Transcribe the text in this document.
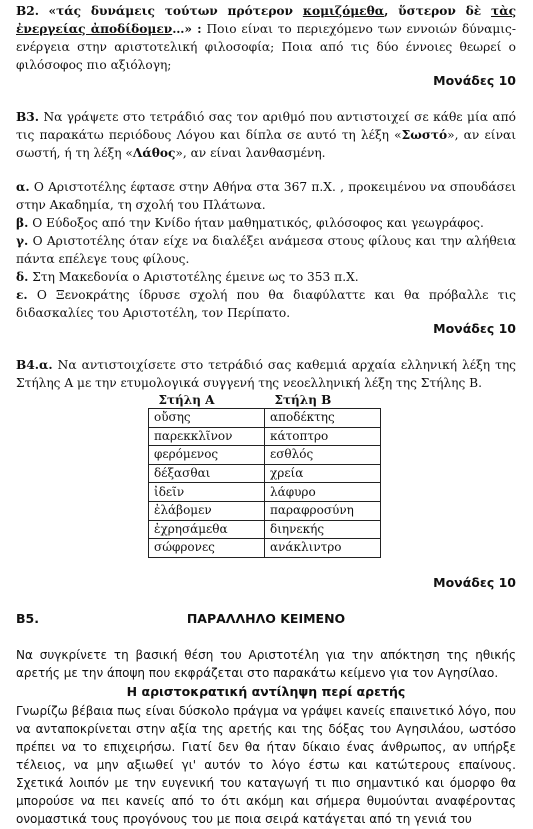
Β2. «τάς δυνάμεις τούτων πρότερον κομιζόμεθα, ὕστερον δὲ τὰς ἐνεργείας ἀποδίδομεν…» : Ποιο είναι το περιεχόμενο των εννοιών δύναμις- ενέργεια στην αριστοτελική φιλοσοφία; Ποια από τις δύο έννοιες θεωρεί ο φιλόσοφος πιο αξιόλογη;

Μονάδες 10

Β3. Να γράψετε στο τετράδιό σας τον αριθμό που αντιστοιχεί σε κάθε μία από τις παρακάτω περιόδους Λόγου και δίπλα σε αυτό τη λέξη «Σωστό», αν είναι σωστή, ή τη λέξη «Λάθος», αν είναι λανθασμένη.

α. Ο Αριστοτέλης έφτασε στην Αθήνα στα 367 π.Χ. , προκειμένου να σπουδάσει στην Ακαδημία, τη σχολή του Πλάτωνα.

β. Ο Εύδοξος από την Κνίδο ήταν μαθηματικός, φιλόσοφος και γεωγράφος.

γ. Ο Αριστοτέλης όταν είχε να διαλέξει ανάμεσα στους φίλους και την αλήθεια πάντα επέλεγε τους φίλους.

δ. Στη Μακεδονία ο Αριστοτέλης έμεινε ως το 353 π.Χ.

ε. Ο Ξενοκράτης ίδρυσε σχολή που θα διαφύλαττε και θα πρόβαλλε τις διδασκαλίες του Αριστοτέλη, τον Περίπατο.

Μονάδες 10

Β4.α. Να αντιστοιχίσετε στο τετράδιό σας καθεμιά αρχαία ελληνική λέξη της Στήλης Α με την ετυμολογικά συγγενή της νεοελληνική λέξη της Στήλης Β.

Στήλη Α	Στήλη Β
οὔσης	αποδέκτης
παρεκκλῖνον	κάτοπτρο
φερόμενος	εσθλός
δέξασθαι	χρεία
ἰδεῖν	λάφυρο
ἐλάβομεν	παραφροσύνη
ἐχρησάμεθα	διηνεκής
σώφρονες	ανάκλιντρο
Μονάδες 10
Β5.	ΠΑΡΑΛΛΗΛΟ ΚΕΙΜΕΝΟ

Να συγκρίνετε τη βασική θέση του Αριστοτέλη για την απόκτηση της ηθικής αρετής με την άποψη που εκφράζεται στο παρακάτω κείμενο για τον Αγησίλαο.

Η αριστοκρατική αντίληψη περί αρετής

Γνωρίζω βέβαια πως είναι δύσκολο πράγμα να γράψει κανείς επαινετικό λόγο, που να ανταποκρίνεται στην αξία της αρετής και της δόξας του Αγησιλάου, ωστόσο πρέπει να το επιχειρήσω. Γιατί δεν θα ήταν δίκαιο ένας άνθρωπος, αν υπήρξε τέλειος, να μην αξιωθεί γι' αυτόν το λόγο έστω και κατώτερους επαίνους. Σχετικά λοιπόν με την ευγενική του καταγωγή τι πιο σημαντικό και όμορφο θα μπορούσε να πει κανείς από το ότι ακόμη και σήμερα θυμούνται αναφέροντας ονομαστικά τους προγόνους του με ποια σειρά κατάγεται από τη γενιά του
